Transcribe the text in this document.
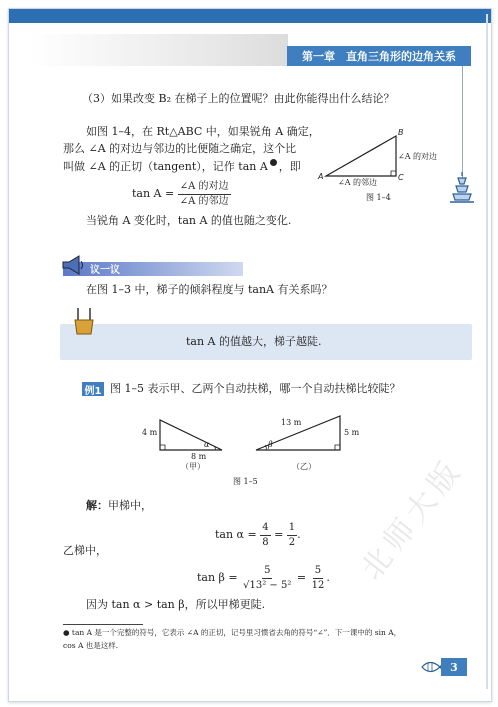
第一章　直角三角形的边角关系
（3）如果改变 B₂ 在梯子上的位置呢？由此你能得出什么结论？
如图 1–4，在 Rt△ABC 中，如果锐角 A 确定，
那么 ∠A 的对边与邻边的比便随之确定，这个比
叫做 ∠A 的正切（tangent），记作 tan A ，即
$\tan A = \frac{\text{∠A 的对边}}{\text{∠A 的邻边}}$
当锐角 A 变化时，tan A 的值也随之变化.
B
A	C
∠A 的对边
∠A 的邻边
图 1–4
议一议
在图 1–3 中，梯子的倾斜程度与 tanA 有关系吗？
tan A 的值越大，梯子越陡.
例1 图 1–5 表示甲、乙两个自动扶梯，哪一个自动扶梯比较陡？
4 m
8 m
α
（甲）
13 m
5 m
β
（乙）
图 1–5
解：甲梯中，
$\tan \alpha = \frac{4}{8} = \frac{1}{2}$ .
乙梯中，
$\tan \beta = \frac{5}{\text{√13² − 5²}} = \frac{5}{12}$ .
因为 tan α > tan β，所以甲梯更陡.
● tan A 是一个完整的符号，它表示 ∠A 的正切，记号里习惯省去角的符号“∠”．下一课中的 sin A，
cos A 也是这样.
北师大版
3
